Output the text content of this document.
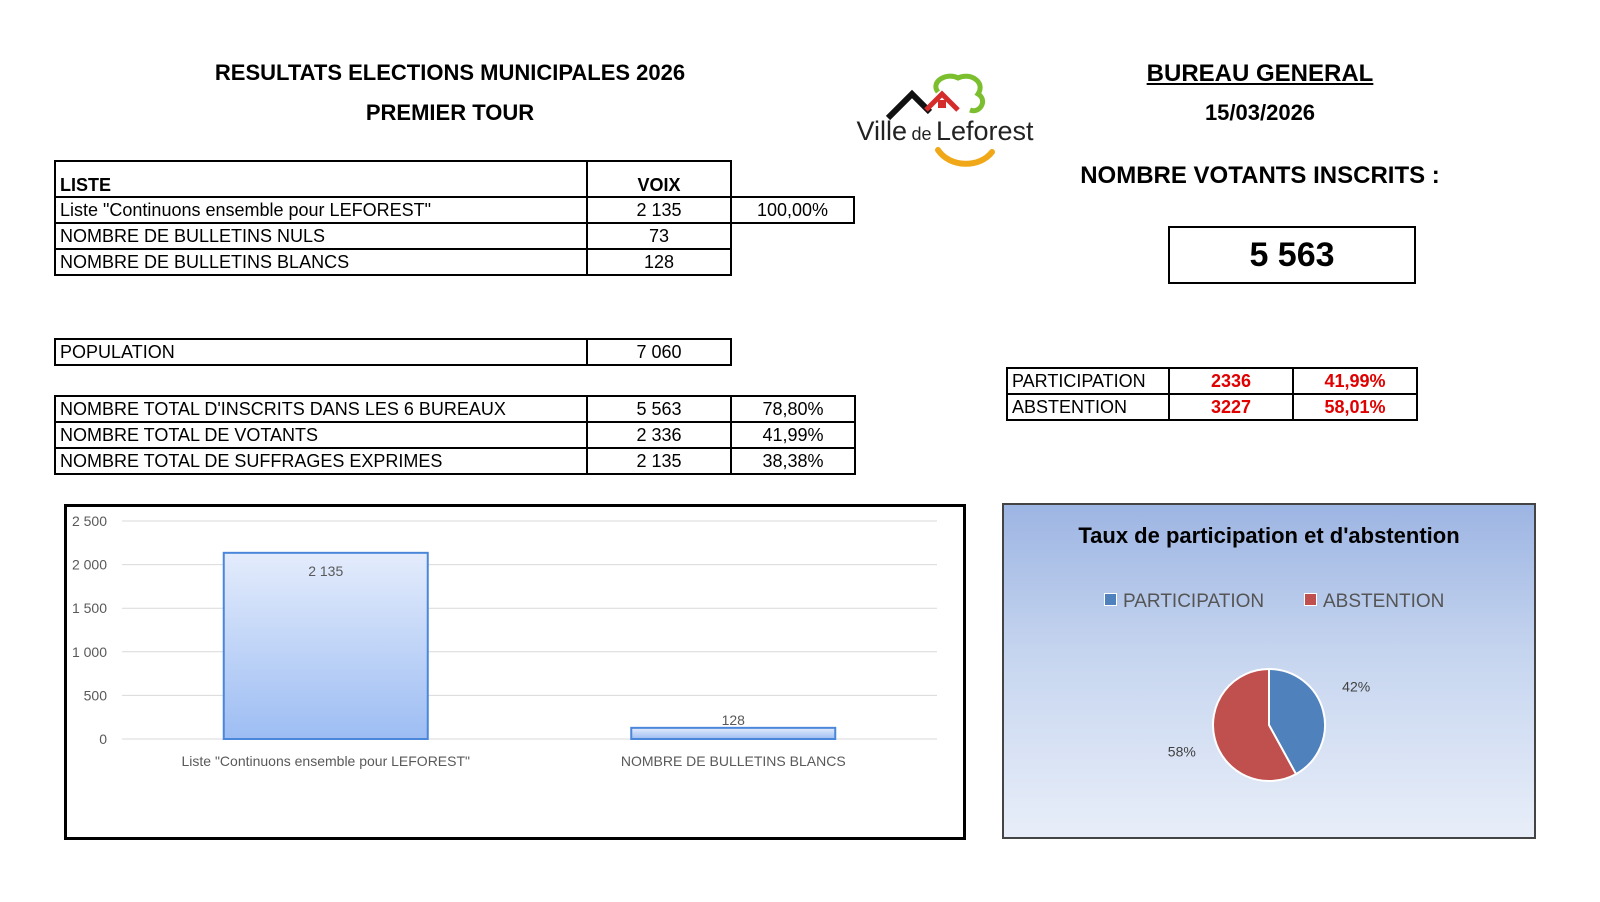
RESULTATS ELECTIONS MUNICIPALES 2026
PREMIER TOUR
Ville de Leforest
BUREAU GENERAL
15/03/2026
NOMBRE VOTANTS INSCRITS :
5 563
LISTE	VOIX	
Liste "Continuons ensemble pour LEFOREST"	2 135	100,00%
NOMBRE DE BULLETINS NULS	73	
NOMBRE DE BULLETINS BLANCS	128	
POPULATION	7 060
NOMBRE TOTAL D'INSCRITS DANS LES 6 BUREAUX	5 563	78,80%
NOMBRE TOTAL DE VOTANTS	2 336	41,99%
NOMBRE TOTAL DE SUFFRAGES EXPRIMES	2 135	38,38%
PARTICIPATION	2336	41,99%
ABSTENTION	3227	58,01%
0
500
1 000
1 500
2 000
2 500
2 135
Liste "Continuons ensemble pour LEFOREST"
128
NOMBRE DE BULLETINS BLANCS
Taux de participation et d'abstention
PARTICIPATION	ABSTENTION
42%
58%
